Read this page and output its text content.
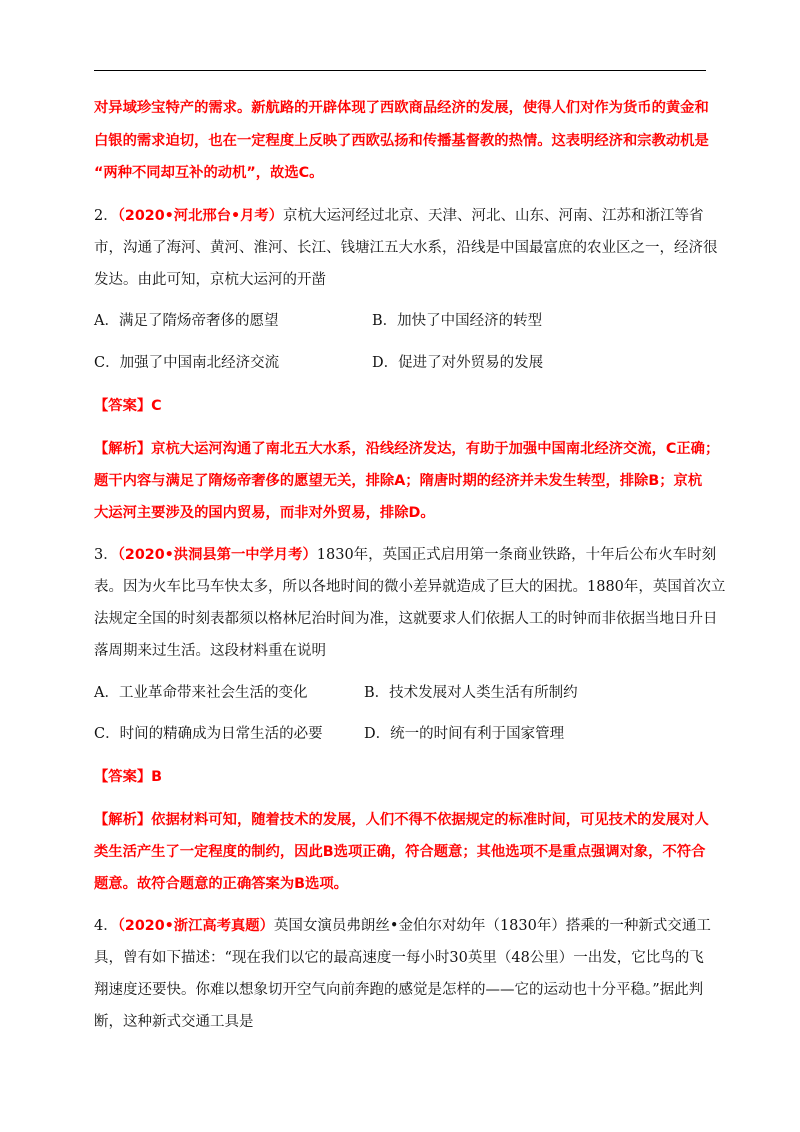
对异域珍宝特产的需求。新航路的开辟体现了西欧商品经济的发展，使得人们对作为货币的黄金和
白银的需求迫切，也在一定程度上反映了西欧弘扬和传播基督教的热情。这表明经济和宗教动机是
“两种不同却互补的动机”，故选C。
2．（2020•河北邢台•月考）京杭大运河经过北京、天津、河北、山东、河南、江苏和浙江等省
市，沟通了海河、黄河、淮河、长江、钱塘江五大水系，沿线是中国最富庶的农业区之一，经济很
发达。由此可知，京杭大运河的开凿
A．满足了隋炀帝奢侈的愿望	B．加快了中国经济的转型
C．加强了中国南北经济交流	D．促进了对外贸易的发展
【答案】C
【解析】京杭大运河沟通了南北五大水系，沿线经济发达，有助于加强中国南北经济交流，C正确；
题干内容与满足了隋炀帝奢侈的愿望无关，排除A；隋唐时期的经济并未发生转型，排除B；京杭
大运河主要涉及的国内贸易，而非对外贸易，排除D。
3．（2020•洪洞县第一中学月考）1830年，英国正式启用第一条商业铁路，十年后公布火车时刻
表。因为火车比马车快太多，所以各地时间的微小差异就造成了巨大的困扰。1880年，英国首次立
法规定全国的时刻表都须以格林尼治时间为准，这就要求人们依据人工的时钟而非依据当地日升日
落周期来过生活。这段材料重在说明
A．工业革命带来社会生活的变化	B．技术发展对人类生活有所制约
C．时间的精确成为日常生活的必要	D．统一的时间有利于国家管理
【答案】B
【解析】依据材料可知，随着技术的发展，人们不得不依据规定的标准时间，可见技术的发展对人
类生活产生了一定程度的制约，因此B选项正确，符合题意；其他选项不是重点强调对象，不符合
题意。故符合题意的正确答案为B选项。
4．（2020•浙江高考真题）英国女演员弗朗丝•金伯尔对幼年（1830年）搭乘的一种新式交通工
具，曾有如下描述：“现在我们以它的最高速度一每小时30英里（48公里）一出发，它比鸟的飞
翔速度还要快。你难以想象切开空气向前奔跑的感觉是怎样的——它的运动也十分平稳。”据此判
断，这种新式交通工具是
